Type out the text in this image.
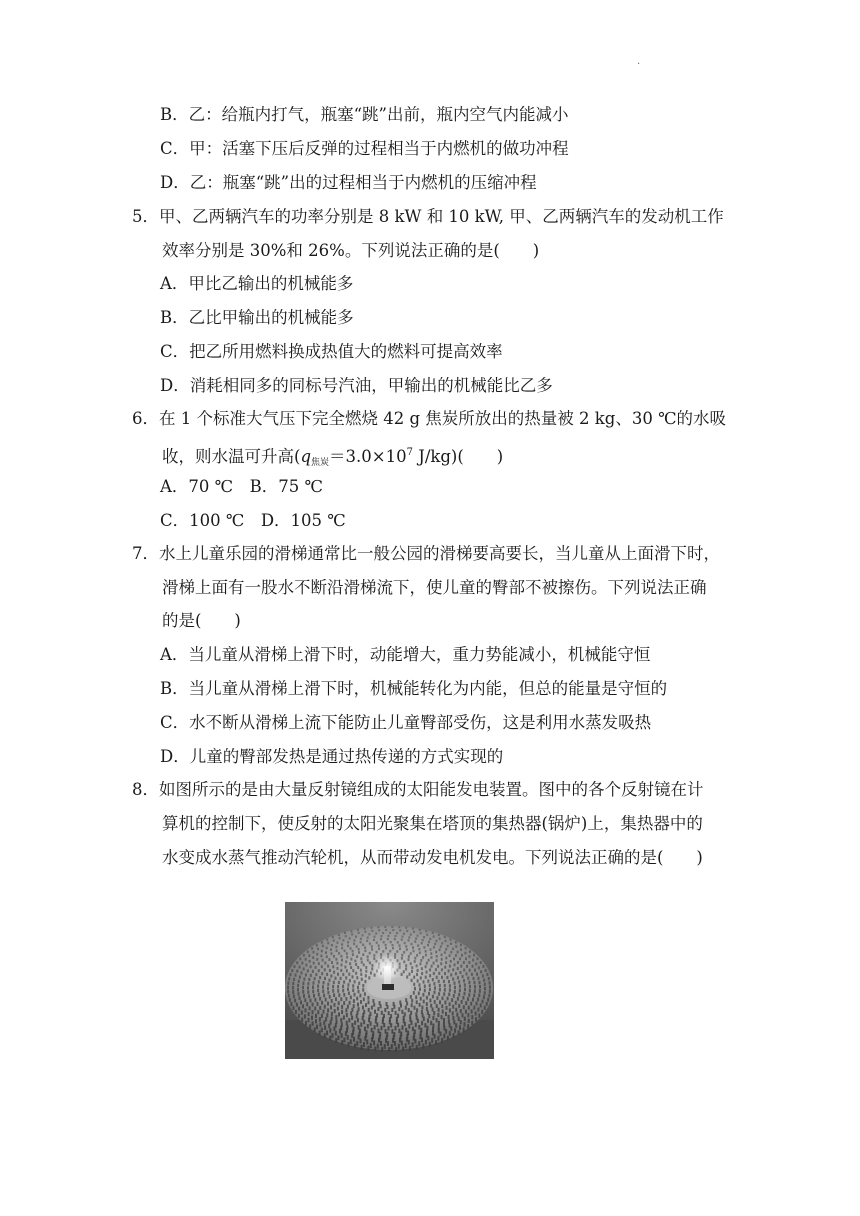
.
B．乙：给瓶内打气，瓶塞“跳”出前，瓶内空气内能减小
C．甲：活塞下压后反弹的过程相当于内燃机的做功冲程
D．乙：瓶塞“跳”出的过程相当于内燃机的压缩冲程
5．甲、乙两辆汽车的功率分别是 8 kW 和 10 kW, 甲、乙两辆汽车的发动机工作
效率分别是 30%和 26%。下列说法正确的是(　　)
A．甲比乙输出的机械能多
B．乙比甲输出的机械能多
C．把乙所用燃料换成热值大的燃料可提高效率
D．消耗相同多的同标号汽油，甲输出的机械能比乙多
6．在 1 个标准大气压下完全燃烧 42 g 焦炭所放出的热量被 2 kg、30 ℃的水吸
收，则水温可升高($q_{焦炭}=3.0\times 10^7$ J/kg)(　　)
A．70 ℃　B．75 ℃
C．100 ℃　D．105 ℃
7．水上儿童乐园的滑梯通常比一般公园的滑梯要高要长，当儿童从上面滑下时，
滑梯上面有一股水不断沿滑梯流下，使儿童的臀部不被擦伤。下列说法正确
的是(　　)
A．当儿童从滑梯上滑下时，动能增大，重力势能减小，机械能守恒
B．当儿童从滑梯上滑下时，机械能转化为内能，但总的能量是守恒的
C．水不断从滑梯上流下能防止儿童臀部受伤，这是利用水蒸发吸热
D．儿童的臀部发热是通过热传递的方式实现的
8．如图所示的是由大量反射镜组成的太阳能发电装置。图中的各个反射镜在计
算机的控制下，使反射的太阳光聚集在塔顶的集热器(锅炉)上，集热器中的
水变成水蒸气推动汽轮机，从而带动发电机发电。下列说法正确的是(　　)
